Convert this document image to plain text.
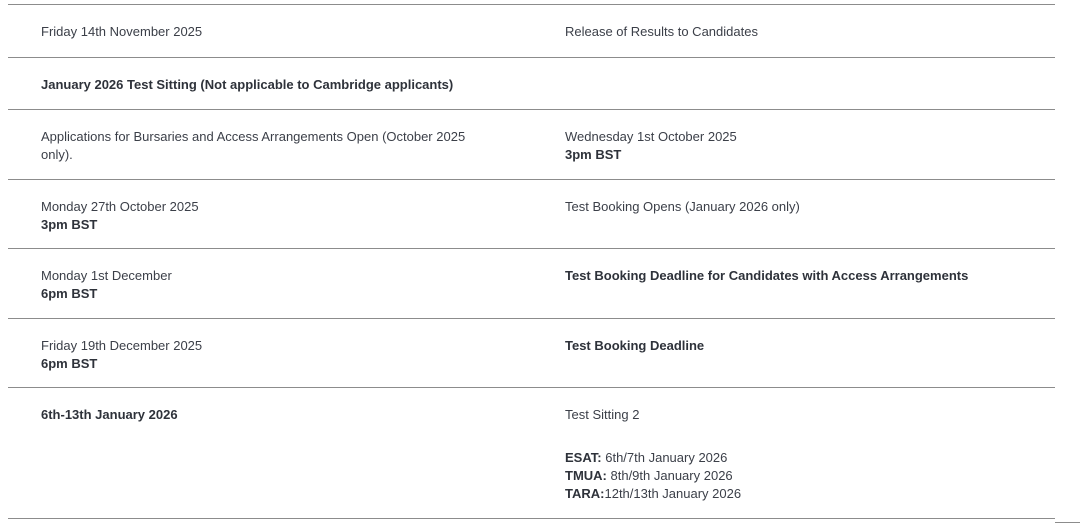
Friday 14th November 2025	Release of Results to Candidates
January 2026 Test Sitting (Not applicable to Cambridge applicants)
Applications for Bursaries and Access Arrangements Open (October 2025 only).
Wednesday 1st October 2025
3pm BST
Monday 27th October 2025
3pm BST
Test Booking Opens (January 2026 only)
Monday 1st December
6pm BST
Test Booking Deadline for Candidates with Access Arrangements
Friday 19th December 2025
6pm BST
Test Booking Deadline
6th-13th January 2026	Test Sitting 2
ESAT: 6th/7th January 2026
TMUA: 8th/9th January 2026
TARA:12th/13th January 2026
